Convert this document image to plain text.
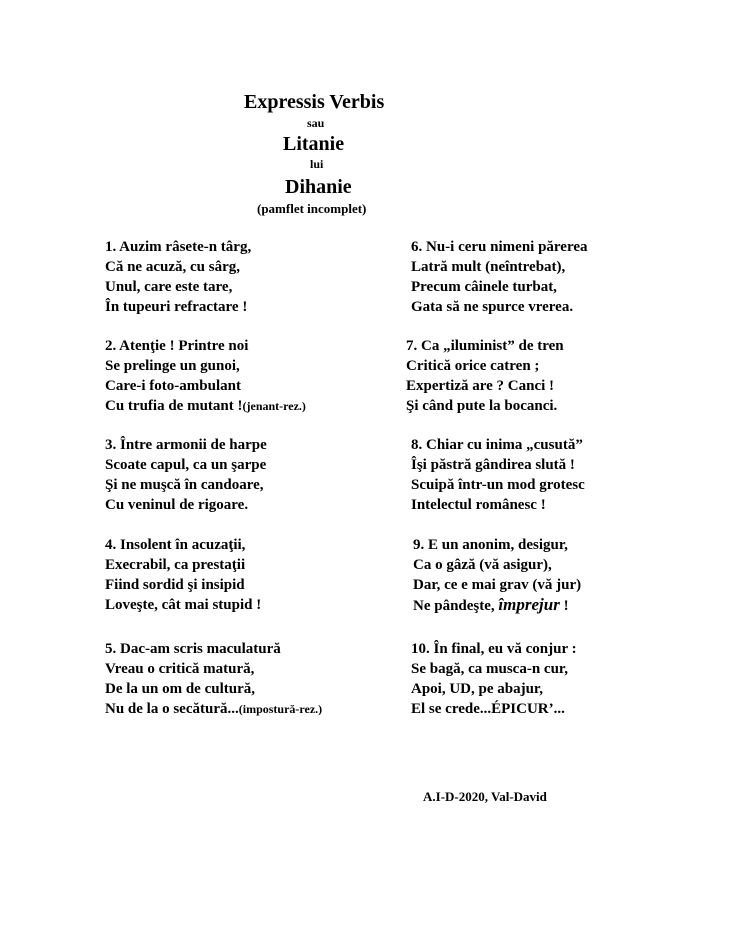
Expressis Verbis
sau
Litanie
lui
Dihanie
(pamflet incomplet)
1. Auzim râsete-n târg,
Că ne acuză, cu sârg,
Unul, care este tare,
În tupeuri refractare !
2. Atenţie ! Printre noi
Se prelinge un gunoi,
Care-i foto-ambulant
Cu trufia de mutant !(jenant-rez.)
3. Între armonii de harpe
Scoate capul, ca un şarpe
Şi ne muşcă în candoare,
Cu veninul de rigoare.
4. Insolent în acuzaţii,
Execrabil, ca prestaţii
Fiind sordid şi insipid
Loveşte, cât mai stupid !
5. Dac-am scris maculatură
Vreau o critică matură,
De la un om de cultură,
Nu de la o secătură...(impostură-rez.)
6. Nu-i ceru nimeni părerea
Latră mult (neîntrebat),
Precum câinele turbat,
Gata să ne spurce vrerea.
7. Ca „iluminist” de tren
Critică orice catren ;
Expertiză are ? Canci !
Şi când pute la bocanci.
8. Chiar cu inima „cusută”
Îşi păstră gândirea slută !
Scuipă într-un mod grotesc
Intelectul românesc !
9. E un anonim, desigur,
Ca o gâză (vă asigur),
Dar, ce e mai grav (vă jur)
Ne pândeşte, împrejur !
10. În final, eu vă conjur :
Se bagă, ca musca-n cur,
Apoi, UD, pe abajur,
El se crede...ÉPICUR’...
A.I-D-2020, Val-David
